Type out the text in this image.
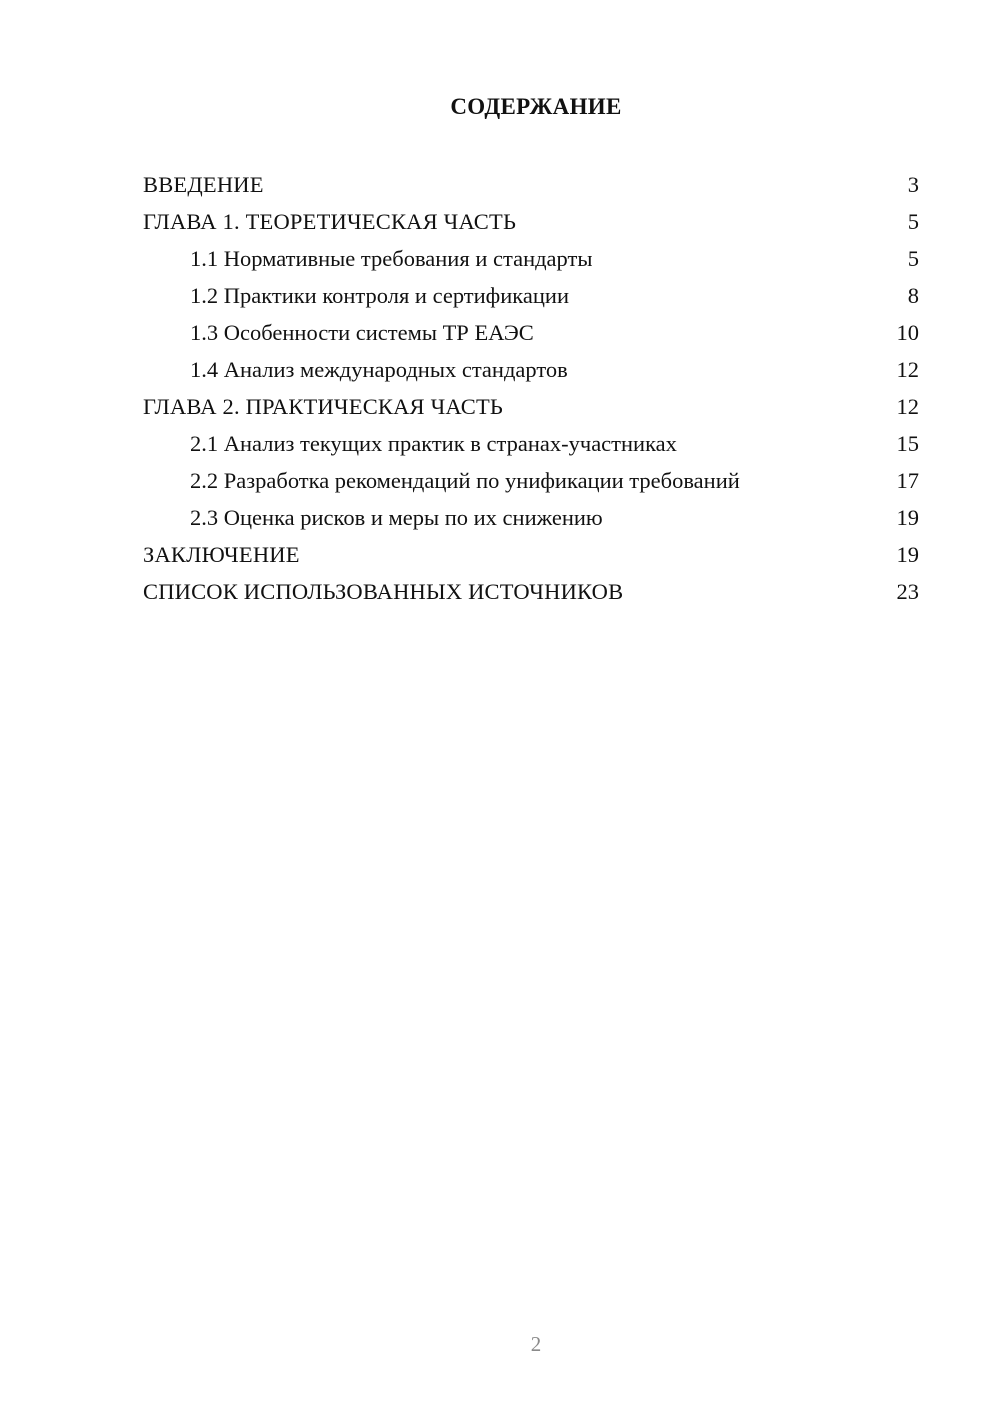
СОДЕРЖАНИЕ
ВВЕДЕНИЕ	3
ГЛАВА 1. ТЕОРЕТИЧЕСКАЯ ЧАСТЬ	5
1.1 Нормативные требования и стандарты	5
1.2 Практики контроля и сертификации	8
1.3 Особенности системы ТР ЕАЭС	10
1.4 Анализ международных стандартов	12
ГЛАВА 2. ПРАКТИЧЕСКАЯ ЧАСТЬ	12
2.1 Анализ текущих практик в странах-участниках	15
2.2 Разработка рекомендаций по унификации требований	17
2.3 Оценка рисков и меры по их снижению	19
ЗАКЛЮЧЕНИЕ	19
СПИСОК ИСПОЛЬЗОВАННЫХ ИСТОЧНИКОВ	23
2
